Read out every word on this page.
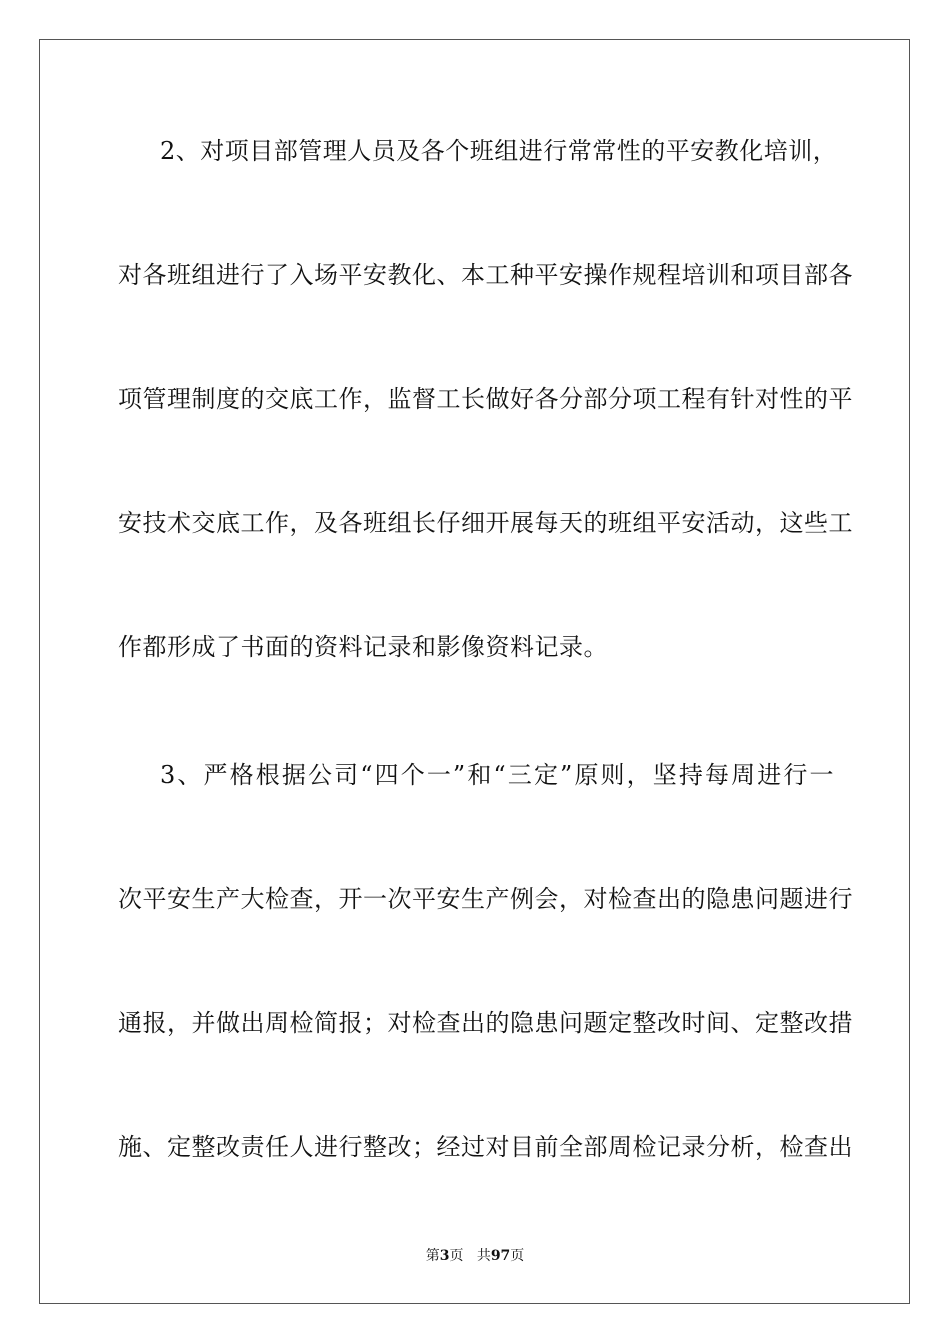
2、对项目部管理人员及各个班组进行常常性的平安教化培训，
对各班组进行了入场平安教化、本工种平安操作规程培训和项目部各
项管理制度的交底工作，监督工长做好各分部分项工程有针对性的平
安技术交底工作，及各班组长仔细开展每天的班组平安活动，这些工
作都形成了书面的资料记录和影像资料记录。
3、严格根据公司“四个一”和“三定”原则，坚持每周进行一
次平安生产大检查，开一次平安生产例会，对检查出的隐患问题进行
通报，并做出周检简报；对检查出的隐患问题定整改时间、定整改措
施、定整改责任人进行整改；经过对目前全部周检记录分析，检查出
第3页 共97页
